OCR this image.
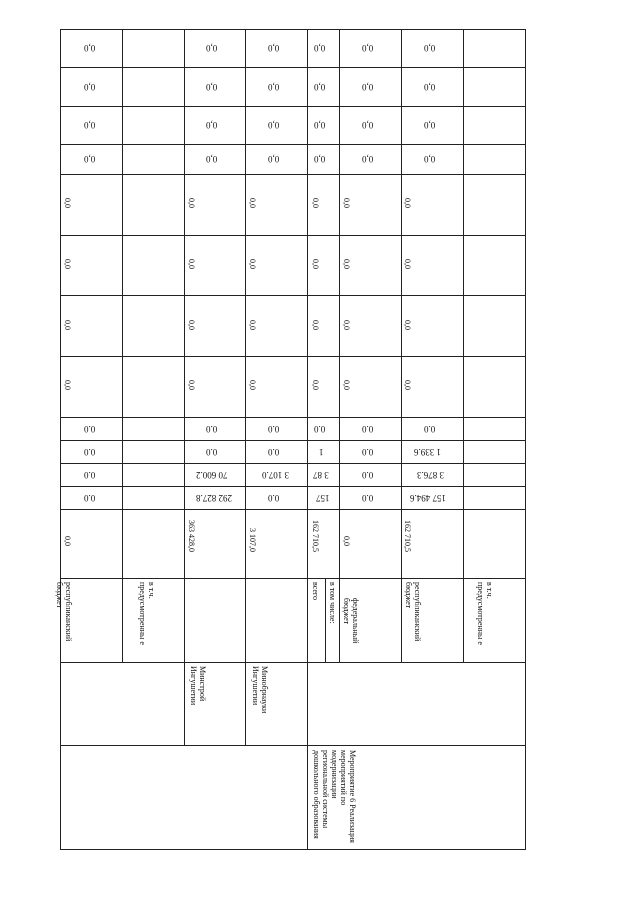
0,0
0,0
0,0
0,0
0,0
0,0
0,0
0,0
0.0
0.0
0.0
0.0
0,0
республиканский бюджет	в т.ч. предусмотренны е
0,0
0,0
0,0
0,0
0,0
0,0
0,0
0,0
0.0
0.0
70 600.2
292 827.8
363 428,0
Минстрой Ингушетии
0,0
0,0
0,0
0,0
0,0
0,0
0,0
0,0
0.0
0.0
3 107.0
0.0
3 107,0
Минобрнауки Ингушетии
0,0
0,0
0,0
0,0
0,0
0,0
0,0
0,0
0.0
1
3 87
157
162 710,5
всего в том числе:
Мероприятие 6 Реализация мероприятий по модернизации региональной системы дошкольного образования
0,0
0,0
0,0
0,0
0,0
0,0
0,0
0,0
0.0
0.0
0.0
0.0
0,0
федеральный бюджет
0,0
0,0
0,0
0,0
0,0
0,0
0,0
0,0
0.0
1 339.6
3 876.3
157 494.6
162 710,5
республиканский бюджет	в т.ч. предусмотренны е
